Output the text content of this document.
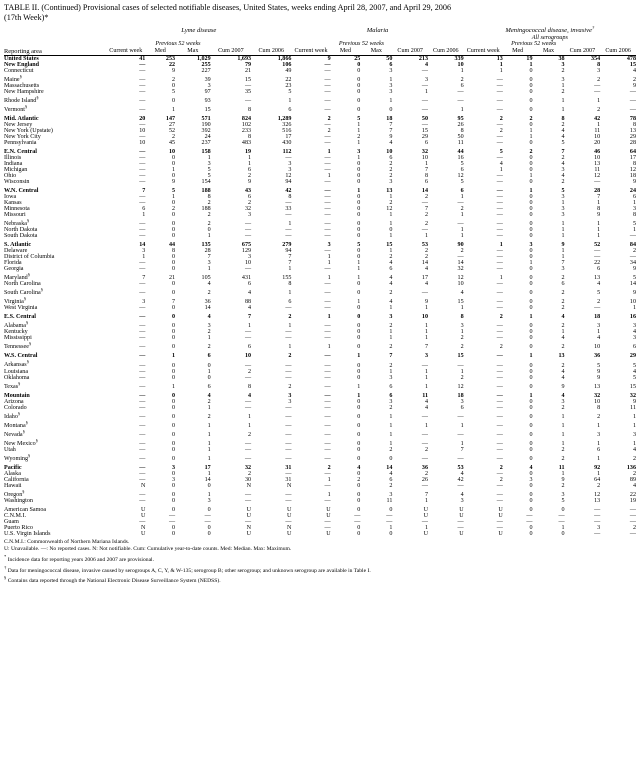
TABLE II. (Continued) Provisional cases of selected notifiable diseases, United States, weeks ending April 28, 2007, and April 29, 2006
(17th Week)*
	Lyme disease					Malaria					Meningococcal disease, invasive†
											All serogroups				
		Previous 52 weeks					Previous 52 weeks					Previous 52 weeks			
Reporting area	Current week	Med	Max	Cum 2007	Cum 2006	Current week	Med	Max	Cum 2007	Cum 2006	Current week	Med	Max	Cum 2007	Cum 2006
United States	41	253	1,029	1,693	1,866	9	25	50	213	339	13	19	38	354	478
New England	—	22	255	79	106	—	0	6	4	10	1	1	3	8	15
Connecticut	—	9	227	21	49	—	0	3	—	1	1	0	2	3	4
Maine§	—	2	39	15	22	—	0	1	3	2	—	0	3	2	2
Massachusetts	—	0	3	—	23	—	0	3	—	6	—	0	1	—	9
New Hampshire	—	5	97	35	5	—	0	3	1	—	—	0	2	—	—
Rhode Island§	—	0	93	—	1	—	0	1	—	—	—	0	1	1	—
Vermont§	—	1	15	8	6	—	0	0	—	1	—	0	1	2	—

Mid. Atlantic	20	147	571	824	1,289	2	5	18	50	95	2	2	8	42	78
New Jersey	—	27	190	102	326	—	1	7	—	26	—	0	2	1	8
New York (Upstate)	10	52	392	233	516	2	1	7	15	8	2	1	4	11	13
New York City	—	2	24	8	17	—	2	9	29	50	—	1	4	10	29
Pennsylvania	10	45	237	483	430	—	1	4	6	11	—	0	5	20	28

E.N. Central	—	10	158	19	112	1	3	10	32	44	5	2	7	46	64
Illinois	—	0	1	1	—	—	1	6	10	16	—	0	2	10	17
Indiana	—	0	3	1	3	—	0	2	1	5	4	0	4	13	8
Michigan	—	1	5	6	3	—	0	2	7	6	1	0	3	11	12
Ohio	—	0	5	2	12	1	0	2	8	12	—	1	4	12	18
Wisconsin	—	9	154	9	94	—	0	3	6	5	—	0	2	—	9

W.N. Central	7	5	188	43	42	—	1	13	14	6	—	1	5	28	24
Iowa	—	1	8	6	8	—	0	1	2	1	—	0	3	7	6
Kansas	—	0	2	2	—	—	0	2	—	—	—	0	1	1	1
Minnesota	6	2	188	32	33	—	0	12	7	2	—	0	3	8	3
Missouri	1	0	2	3	—	—	0	1	2	1	—	0	3	9	8
Nebraska§	—	0	2	—	1	—	0	1	2	—	—	0	1	1	5
North Dakota	—	0	0	—	—	—	0	0	—	1	—	0	1	1	1
South Dakota	—	0	1	—	—	—	0	1	1	1	—	0	1	1	—

S. Atlantic	14	44	135	675	279	3	5	15	53	90	1	3	9	52	84
Delaware	3	8	28	129	94	—	0	1	2	2	—	0	1	—	2
District of Columbia	1	0	7	3	7	1	0	2	2	—	—	0	1	—	—
Florida	—	0	3	10	7	1	1	4	14	14	—	1	7	22	34
Georgia	—	0	1	—	1	—	1	6	4	32	—	0	3	6	9
Maryland§	7	21	105	431	155	1	1	4	17	12	1	0	2	13	5
North Carolina	—	0	4	6	8	—	0	4	4	10	—	0	6	4	14
South Carolina§	—	0	2	4	1	—	0	2	—	4	—	0	2	5	9
Virginia§	3	7	36	88	6	—	1	4	9	15	—	0	2	2	10
West Virginia	—	0	14	4	—	—	0	1	1	1	—	0	2	—	1

E.S. Central	—	0	4	7	2	1	0	3	10	8	2	1	4	18	16
Alabama§	—	0	3	1	1	—	0	2	1	3	—	0	2	3	3
Kentucky	—	0	2	—	—	—	0	1	1	1	—	0	1	1	4
Mississippi	—	0	1	—	—	—	0	1	1	2	—	0	4	4	3
Tennessee§	—	0	2	6	1	1	0	2	7	2	2	0	2	10	6

W.S. Central	—	1	6	10	2	—	1	7	3	15	—	1	13	36	29
Arkansas§	—	0	0	—	—	—	0	2	—	—	—	0	2	5	5
Louisiana	—	0	1	2	—	—	0	1	1	1	—	0	4	9	4
Oklahoma	—	0	0	—	—	—	0	3	1	2	—	0	4	9	5
Texas§	—	1	6	8	2	—	1	6	1	12	—	0	9	13	15

Mountain	—	0	4	4	3	—	1	6	11	18	—	1	4	32	32
Arizona	—	0	2	—	3	—	0	3	4	3	—	0	3	10	9
Colorado	—	0	1	—	—	—	0	2	4	6	—	0	2	8	11
Idaho§	—	0	2	1	—	—	0	1	—	—	—	0	1	2	1
Montana§	—	0	1	1	—	—	0	1	1	1	—	0	1	1	1
Nevada§	—	0	1	2	—	—	0	1	—	—	—	0	1	3	3
New Mexico§	—	0	1	—	—	—	0	1	—	1	—	0	1	1	1
Utah	—	0	1	—	—	—	0	2	2	7	—	0	2	6	4
Wyoming§	—	0	1	—	—	—	0	0	—	—	—	0	2	1	2

Pacific	—	3	17	32	31	2	4	14	36	53	2	4	11	92	136
Alaska	—	0	1	2	—	—	0	4	2	4	—	0	1	1	2
California	—	3	14	30	31	1	2	6	26	42	2	3	9	64	89
Hawaii	N	0	0	N	N	—	0	2	—	—	—	0	2	2	4
Oregon§	—	0	1	—	—	1	0	3	7	4	—	0	3	12	22
Washington	—	0	3	—	—	—	0	11	1	3	—	0	5	13	19

American Samoa	U	0	0	U	U	U	0	0	U	U	U	0	0	—	—
C.N.M.I.	U	—	—	U	U	U	—	—	U	U	U	—	—	—	—
Guam	—	—	—	—	—	—	—	—	—	—	—	—	—	—	—
Puerto Rico	N	0	0	N	N	—	0	1	1	—	—	0	1	3	2
U.S. Virgin Islands	U	0	0	U	U	U	0	0	U	U	U	0	0	—	—
C.N.M.I.: Commonwealth of Northern Mariana Islands.
U: Unavailable. —: No reported cases. N: Not notifiable. Cum: Cumulative year-to-date counts. Med: Median. Max: Maximum.
* Incidence data for reporting years 2006 and 2007 are provisional.
† Data for meningococcal disease, invasive caused by serogroups A, C, Y, & W-135; serogroup B; other serogroup; and unknown serogroup are available in Table I.
§ Contains data reported through the National Electronic Disease Surveillance System (NEDSS).
